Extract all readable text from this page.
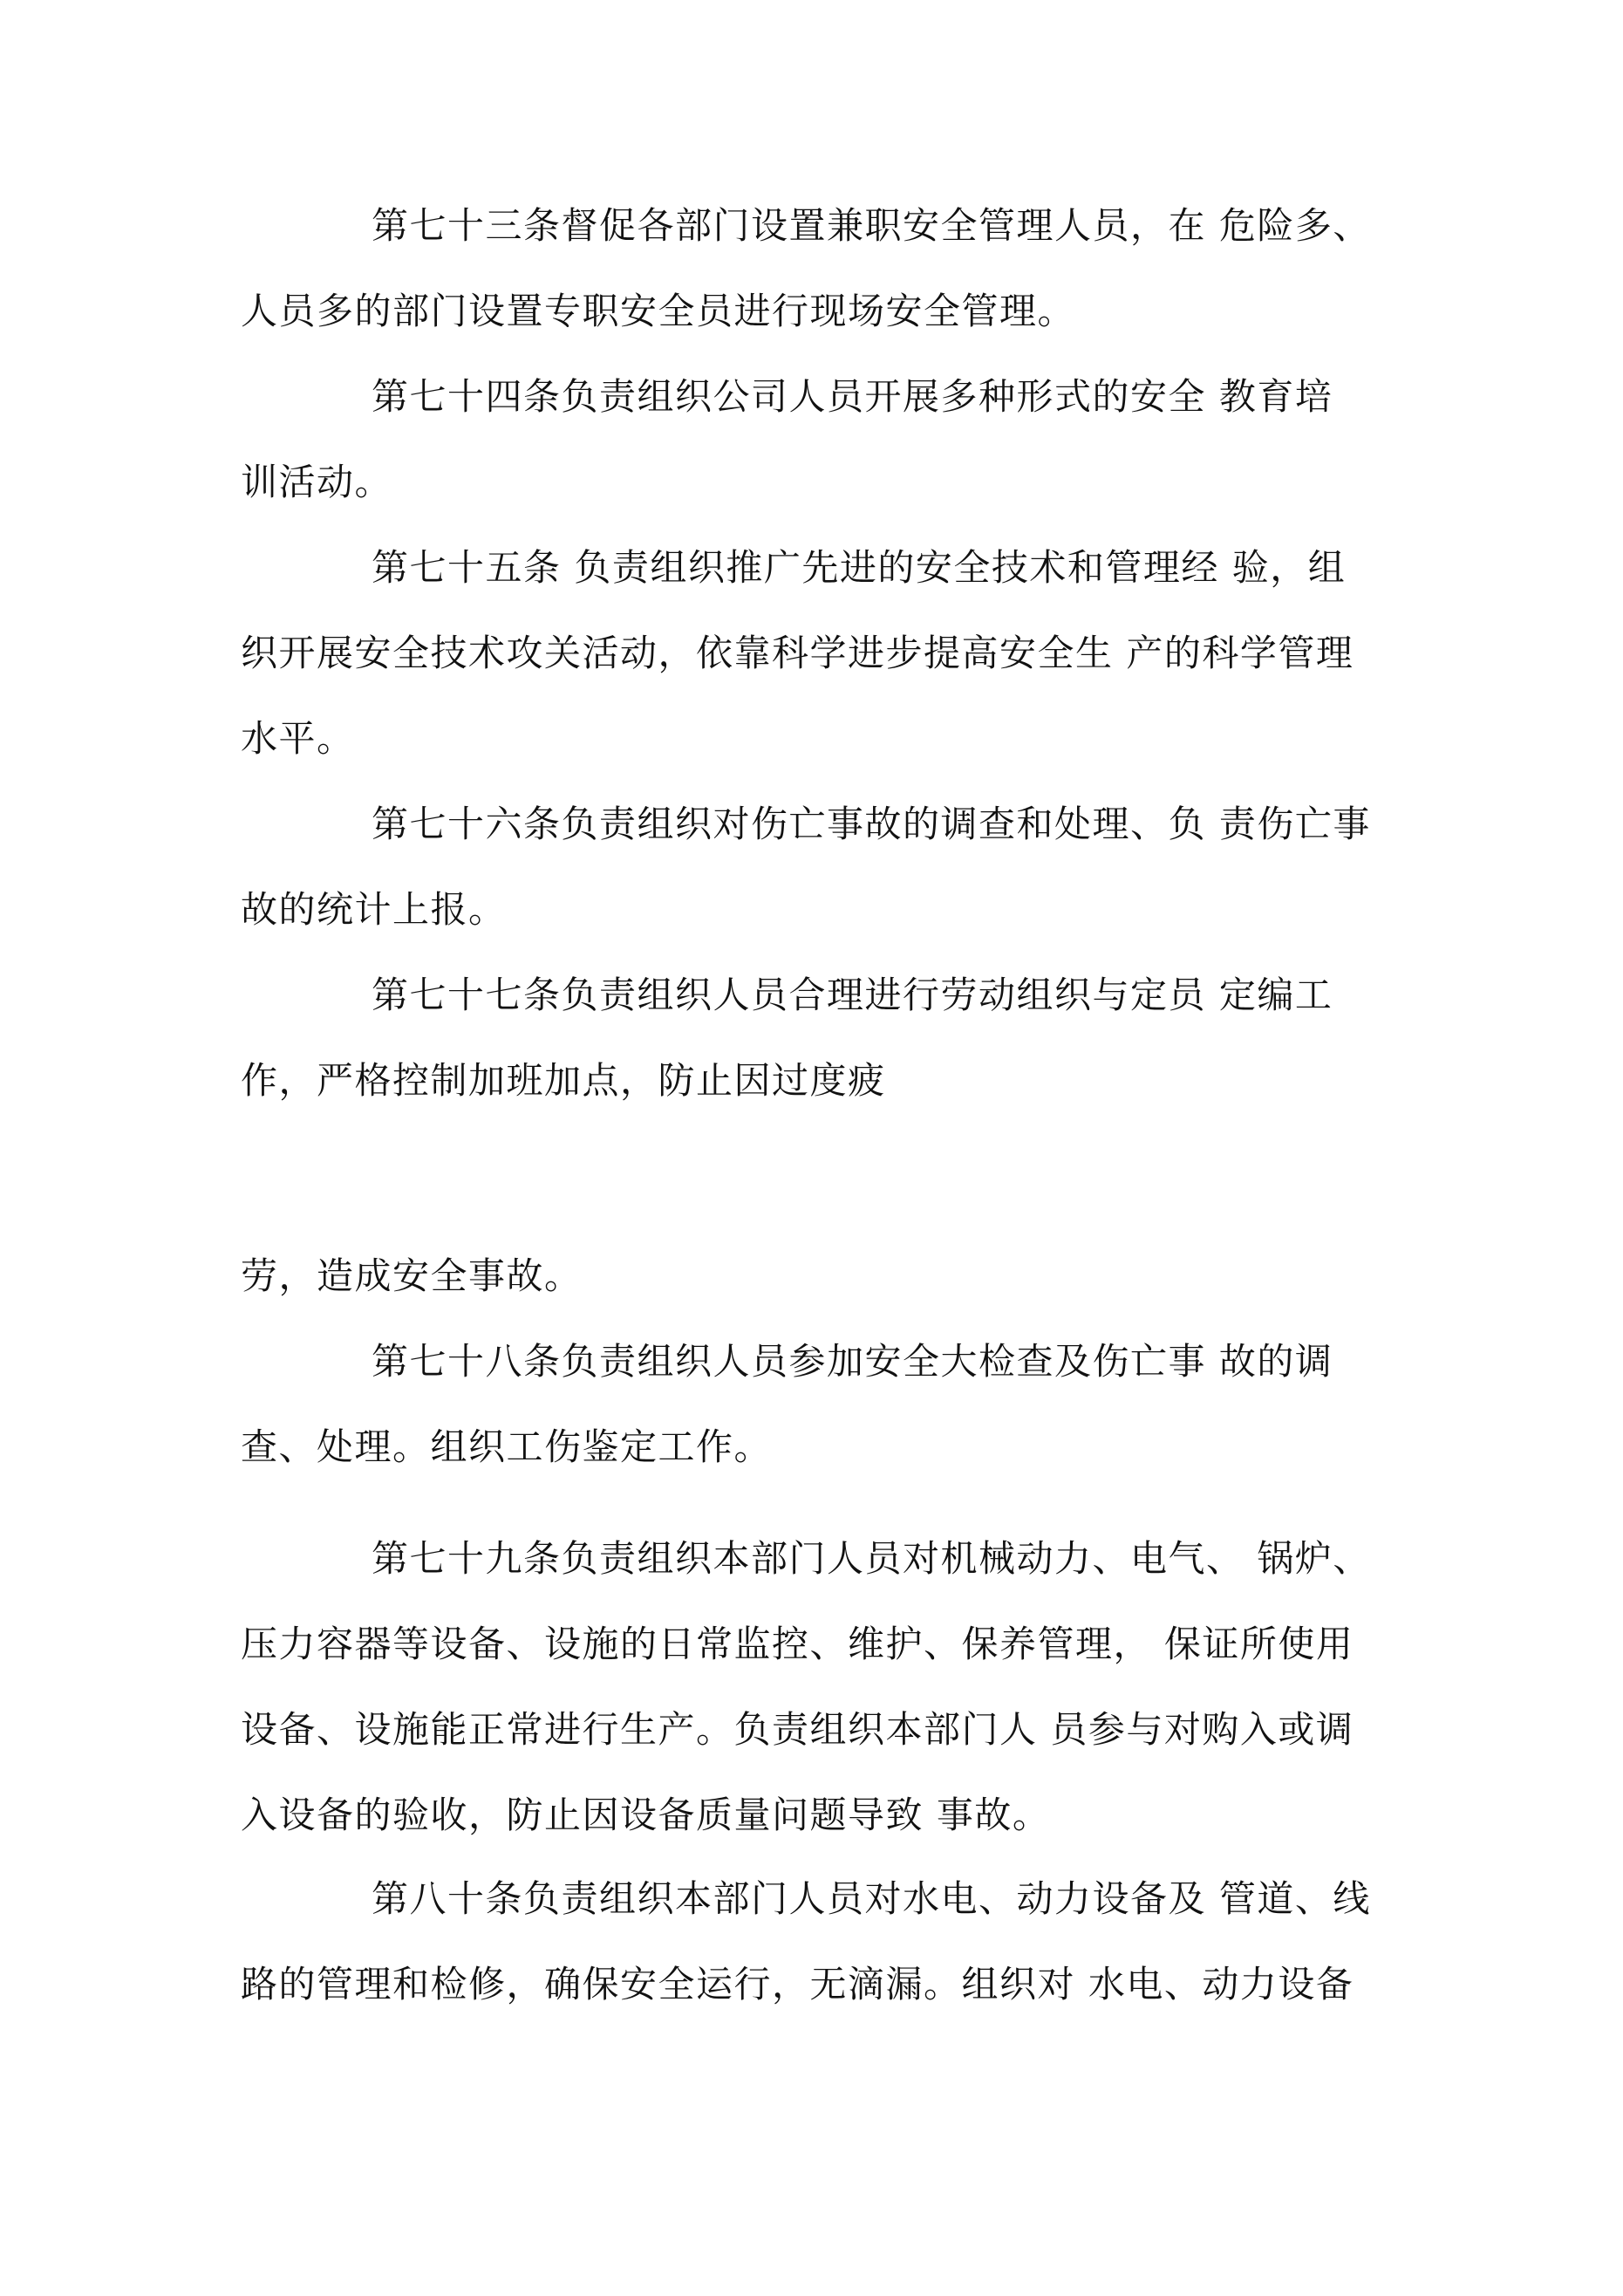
第七十三条督促各部门设置兼职安全管理人员，在 危险多、
人员多的部门设置专职安全员进行现场安全管理。
第七十四条负责组织公司人员开展多种形式的安全 教育培
训活动。
第七十五条 负责组织推广先进的安全技术和管理经 验，组
织开展安全技术攻关活动，依靠科学进步提高安全生 产的科学管理
水平。
第七十六条负责组织对伤亡事故的调查和处理、负 责伤亡事
故的统计上报。
第七十七条负责组织人员合理进行劳动组织与定员 定编工
作，严格控制加班加点，防止因过度疲
劳，造成安全事故。
第七十八条负责组织人员参加安全大检查及伤亡事 故的调
查、处理。组织工伤鉴定工作。
第七十九条负责组织本部门人员对机械动力、电气、 锅炉、
压力容器等设备、设施的日常监控、维护、保养管理， 保证所使用
设备、设施能正常进行生产。负责组织本部门人 员参与对购入或调
入设备的验收，防止因设备质量问题导致 事故。
第八十条负责组织本部门人员对水电、动力设备及 管道、线
路的管理和检修，确保安全运行，无滴漏。组织对 水电、动力设备
